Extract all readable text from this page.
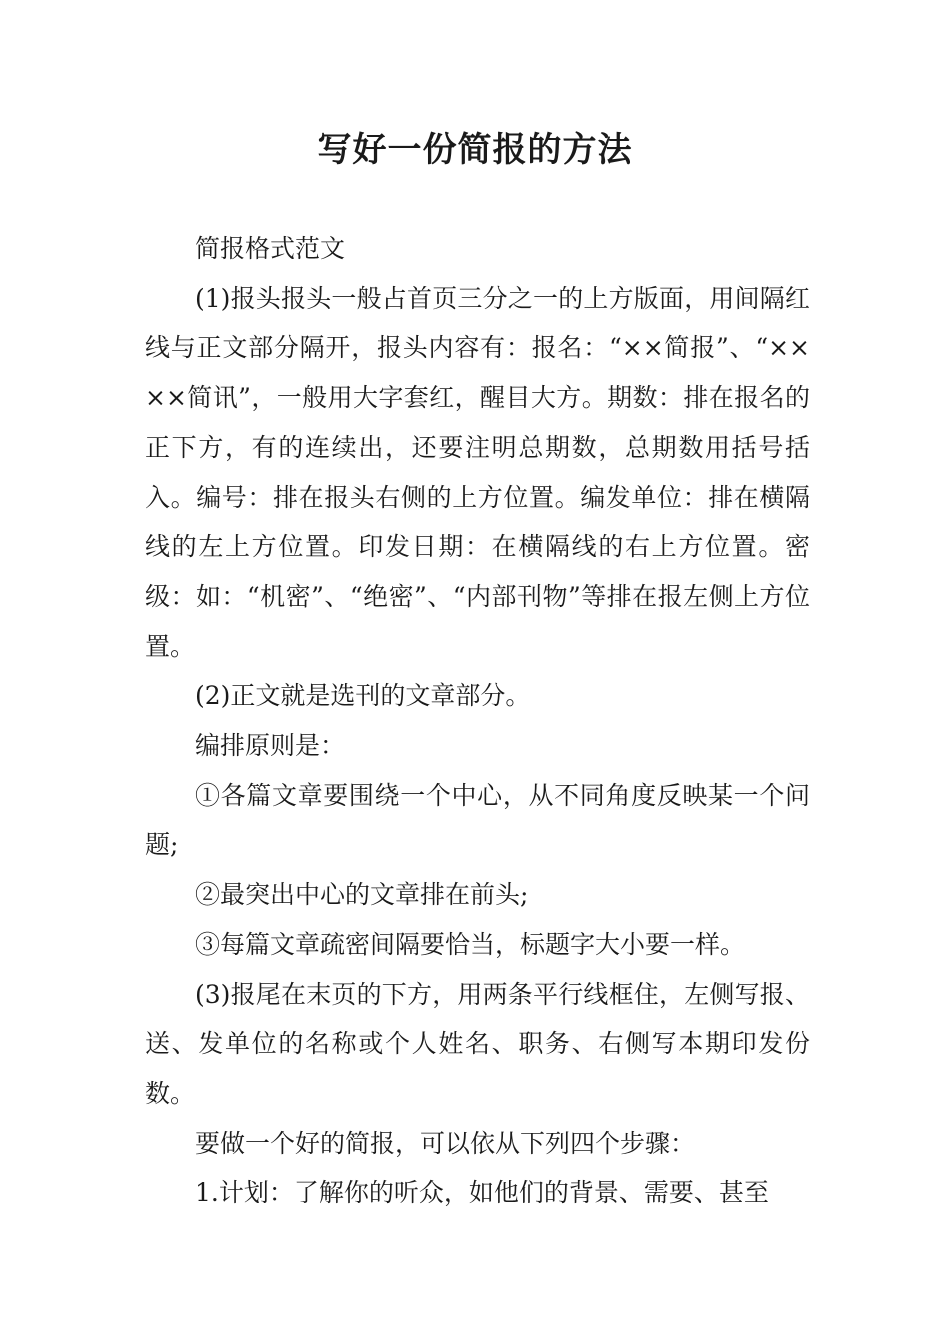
写好一份简报的方法

简报格式范文

(1)报头报头一般占首页三分之一的上方版面，用间隔红线与正文部分隔开，报头内容有：报名：“××简报”、“××××简讯”，一般用大字套红，醒目大方。期数：排在报名的正下方，有的连续出，还要注明总期数，总期数用括号括入。编号：排在报头右侧的上方位置。编发单位：排在横隔线的左上方位置。印发日期：在横隔线的右上方位置。密级：如：“机密”、“绝密”、“内部刊物”等排在报左侧上方位置。

(2)正文就是选刊的文章部分。

编排原则是：

①各篇文章要围绕一个中心，从不同角度反映某一个问题;

②最突出中心的文章排在前头;

③每篇文章疏密间隔要恰当，标题字大小要一样。

(3)报尾在末页的下方，用两条平行线框住，左侧写报、送、发单位的名称或个人姓名、职务、右侧写本期印发份数。

要做一个好的简报，可以依从下列四个步骤：

1.计划：了解你的听众，如他们的背景、需要、甚至
